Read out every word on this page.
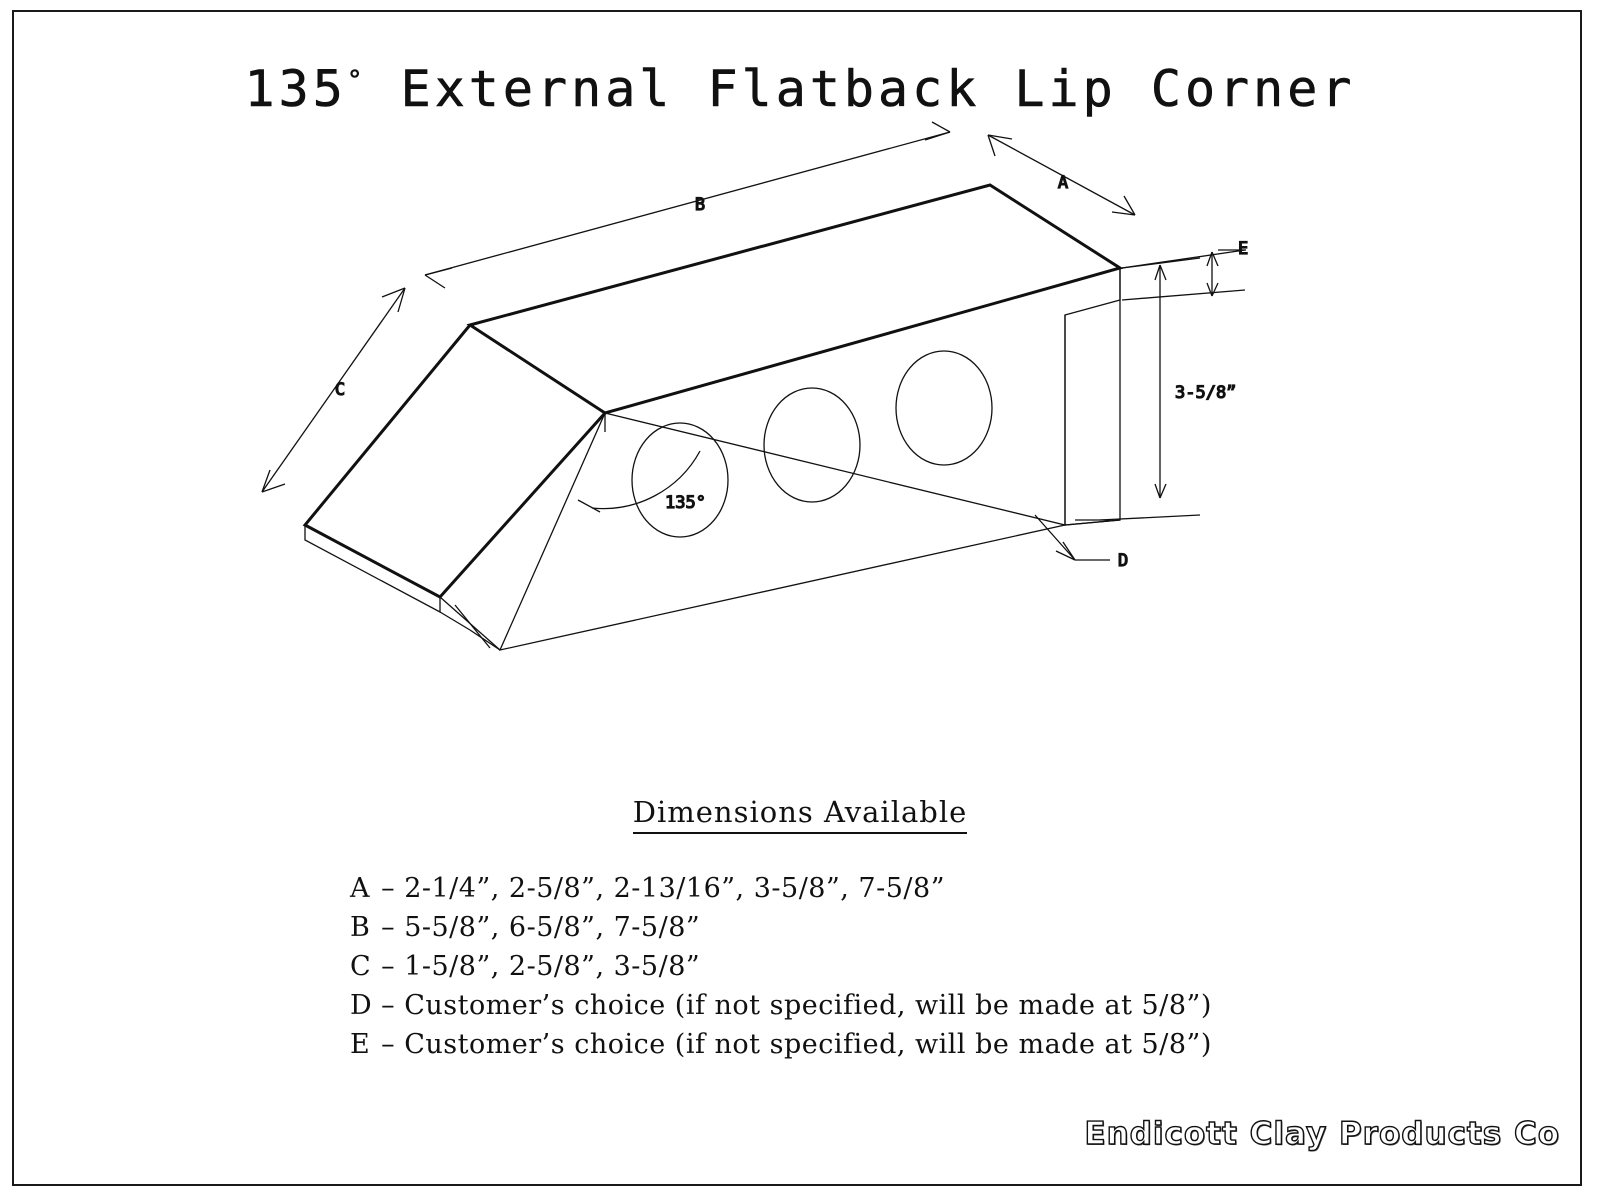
135° External Flatback Lip Corner
135°
B
A
C
E
3-5/8”
D
Dimensions Available
A – 2-1/4”, 2-5/8”, 2-13/16”, 3-5/8”, 7-5/8”
B – 5-5/8”, 6-5/8”, 7-5/8”
C – 1-5/8”, 2-5/8”, 3-5/8”
D – Customer’s choice (if not specified, will be made at 5/8”)
E – Customer’s choice (if not specified, will be made at 5/8”)
Endicott Clay Products Co
